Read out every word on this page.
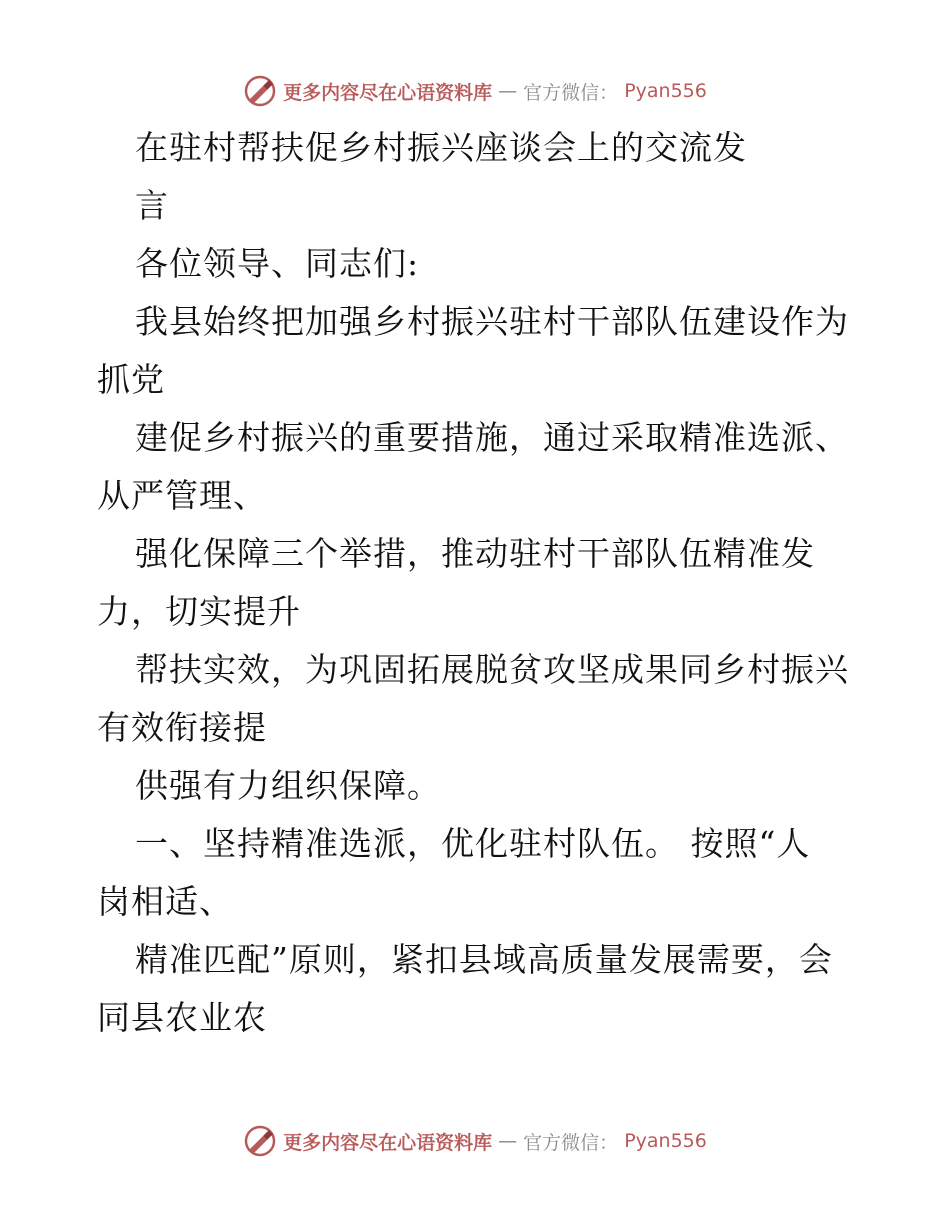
更多内容尽在心语资料库 — 官方微信： Pyan556
在驻村帮扶促乡村振兴座谈会上的交流发
言
各位领导、同志们:
我县始终把加强乡村振兴驻村干部队伍建设作为
抓党
建促乡村振兴的重要措施，通过采取精准选派、
从严管理、
强化保障三个举措，推动驻村干部队伍精准发
力，切实提升
帮扶实效，为巩固拓展脱贫攻坚成果同乡村振兴
有效衔接提
供强有力组织保障。
一、坚持精准选派，优化驻村队伍。 按照“人
岗相适、
精准匹配”原则，紧扣县域高质量发展需要，会
同县农业农
更多内容尽在心语资料库 — 官方微信： Pyan556
